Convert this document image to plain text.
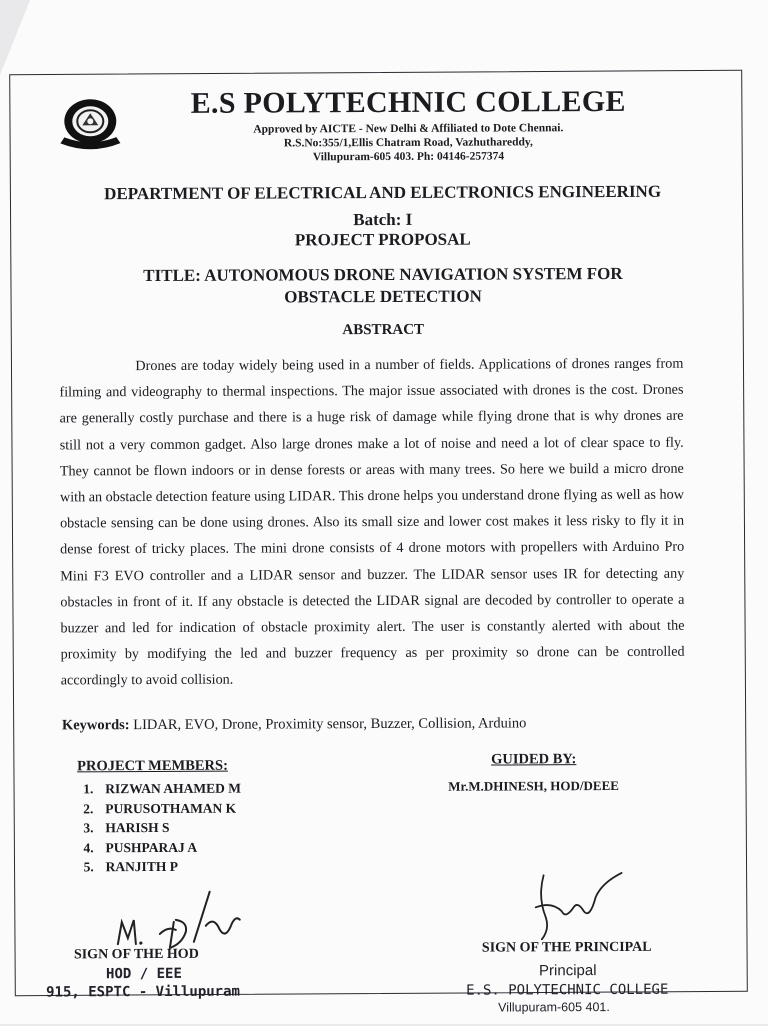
E.S POLYTECHNIC COLLEGE
Approved by AICTE - New Delhi & Affiliated to Dote Chennai.
R.S.No:355/1,Ellis Chatram Road, Vazhuthareddy,
Villupuram-605 403. Ph: 04146-257374
DEPARTMENT OF ELECTRICAL AND ELECTRONICS ENGINEERING
Batch: I
PROJECT PROPOSAL
TITLE: AUTONOMOUS DRONE NAVIGATION SYSTEM FOR
OBSTACLE DETECTION
ABSTRACT
Drones are today widely being used in a number of fields. Applications of drones ranges from filming and videography to thermal inspections. The major issue associated with drones is the cost. Drones are generally costly purchase and there is a huge risk of damage while flying drone that is why drones are still not a very common gadget. Also large drones make a lot of noise and need a lot of clear space to fly. They cannot be flown indoors or in dense forests or areas with many trees. So here we build a micro drone with an obstacle detection feature using LIDAR. This drone helps you understand drone flying as well as how obstacle sensing can be done using drones. Also its small size and lower cost makes it less risky to fly it in dense forest of tricky places. The mini drone consists of 4 drone motors with propellers with Arduino Pro Mini F3 EVO controller and a LIDAR sensor and buzzer. The LIDAR sensor uses IR for detecting any obstacles in front of it. If any obstacle is detected the LIDAR signal are decoded by controller to operate a buzzer and led for indication of obstacle proximity alert. The user is constantly alerted with about the proximity by modifying the led and buzzer frequency as per proximity so drone can be controlled accordingly to avoid collision.
Keywords: LIDAR, EVO, Drone, Proximity sensor, Buzzer, Collision, Arduino
PROJECT MEMBERS:
1. RIZWAN AHAMED M
2. PURUSOTHAMAN K
3. HARISH S
4. PUSHPARAJ A
5. RANJITH P
GUIDED BY:
Mr.M.DHINESH, HOD/DEEE
SIGN OF THE HOD
HOD / EEE
915, ESPTC - Villupuram
SIGN OF THE PRINCIPAL
Principal
E.S. POLYTECHNIC COLLEGE
Villupuram-605 401.
